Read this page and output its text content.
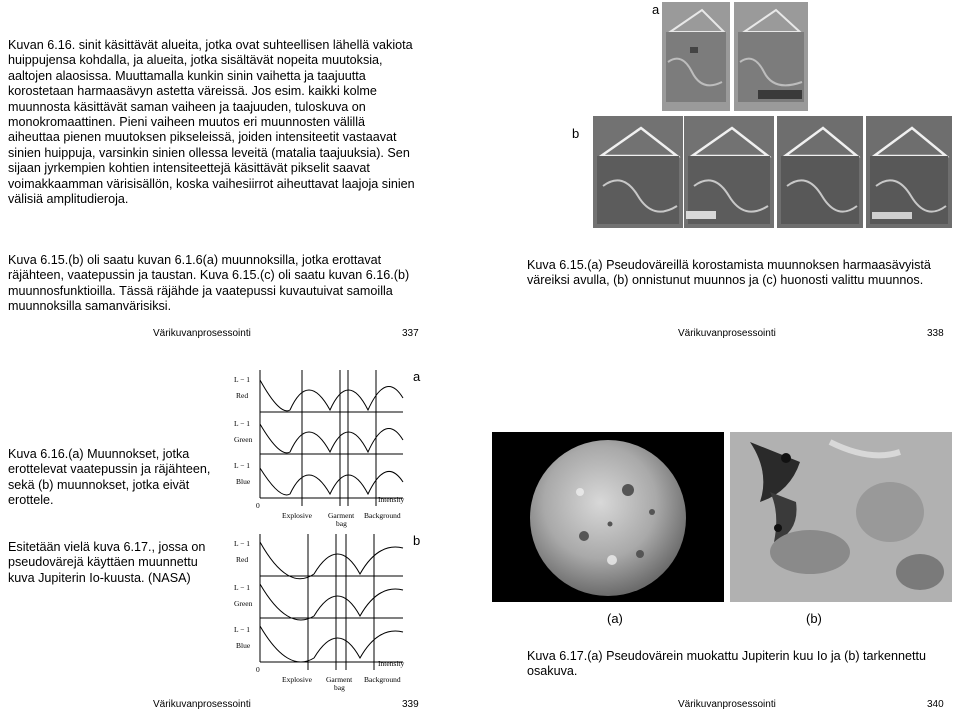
Kuvan 6.16. sinit käsittävät alueita, jotka ovat suhteellisen lähellä vakiota huippujensa kohdalla, ja alueita, jotka sisältävät nopeita muutoksia, aaltojen alaosissa. Muuttamalla kunkin sinin vaihetta ja taajuutta korostetaan harmaasävyn astetta väreissä. Jos esim. kaikki kolme muunnosta käsittävät saman vaiheen ja taajuuden, tuloskuva on monokromaattinen. Pieni vaiheen muutos eri muunnosten välillä aiheuttaa pienen muutoksen pikseleissä, joiden intensiteetit vastaavat sinien huippuja, varsinkin sinien ollessa leveitä (matalia taajuuksia). Sen sijaan jyrkempien kohtien intensiteettejä käsittävät pikselit saavat voimakkaamman värisisällön, koska vaihesiirrot aiheuttavat laajoja sinien välisiä amplitudieroja.
Kuva 6.15.(b) oli saatu kuvan 6.1.6(a) muunnoksilla, jotka erottavat räjähteen, vaatepussin ja taustan. Kuva 6.15.(c) oli saatu kuvan 6.16.(b) muunnosfunktioilla. Tässä räjähde ja vaatepussi kuvautuivat samoilla muunnoksilla samanvärisiksi.
Värikuvanprosessointi	337
a
b
Kuva 6.15.(a) Pseudoväreillä korostamista muunnoksen harmaasävyistä väreiksi avulla, (b) onnistunut muunnos ja (c) huonosti valittu muunnos.
Värikuvanprosessointi	338
Kuva 6.16.(a) Muunnokset, jotka erottelevat vaatepussin ja räjähteen, sekä (b) muunnokset, jotka eivät erottele.
Esitetään vielä kuva 6.17., jossa on pseudovärejä käyttäen muunnettu kuva Jupiterin Io-kuusta. (NASA)
a
b
L − 1
Red
L − 1
Green
L − 1
Blue
0
Intensity
Explosive Garment
bag
Background
L − 1
Red
L − 1
Green
L − 1
Blue
0
Intensity
Explosive Garment
bag
Background
Värikuvanprosessointi	339
(a)	(b)
Kuva 6.17.(a) Pseudovärein muokattu Jupiterin kuu Io ja (b) tarkennettu osakuva.
Värikuvanprosessointi	340
